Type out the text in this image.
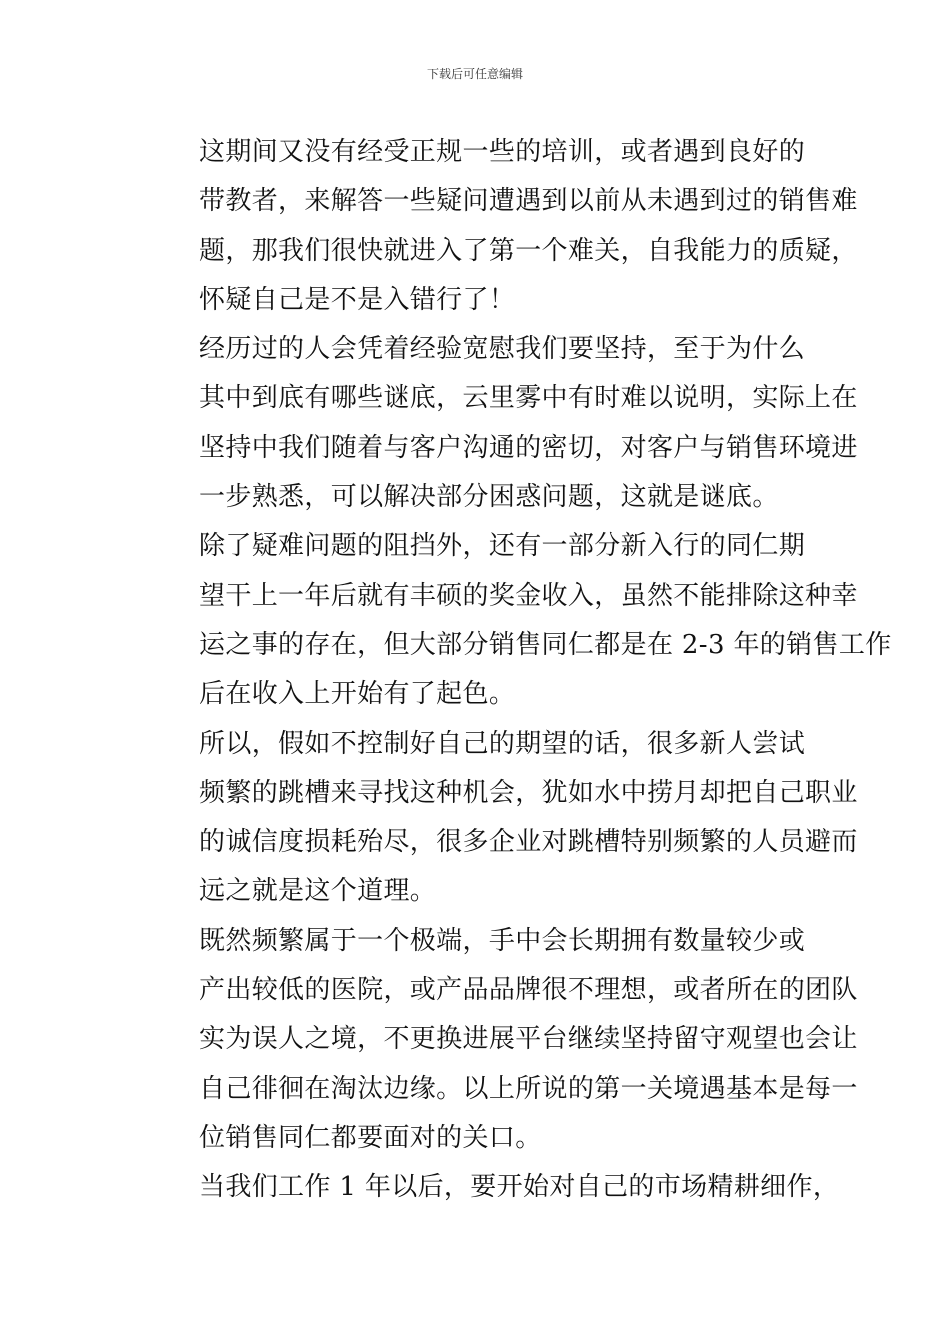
下载后可任意编辑

这期间又没有经受正规一些的培训，或者遇到良好的
带教者，来解答一些疑问遭遇到以前从未遇到过的销售难
题，那我们很快就进入了第一个难关，自我能力的质疑，
怀疑自己是不是入错行了！

经历过的人会凭着经验宽慰我们要坚持，至于为什么
其中到底有哪些谜底，云里雾中有时难以说明，实际上在
坚持中我们随着与客户沟通的密切，对客户与销售环境进
一步熟悉，可以解决部分困惑问题，这就是谜底。

除了疑难问题的阻挡外，还有一部分新入行的同仁期
望干上一年后就有丰硕的奖金收入，虽然不能排除这种幸
运之事的存在，但大部分销售同仁都是在 2-3 年的销售工作
后在收入上开始有了起色。

所以，假如不控制好自己的期望的话，很多新人尝试
频繁的跳槽来寻找这种机会，犹如水中捞月却把自己职业
的诚信度损耗殆尽，很多企业对跳槽特别频繁的人员避而
远之就是这个道理。

既然频繁属于一个极端，手中会长期拥有数量较少或
产出较低的医院，或产品品牌很不理想，或者所在的团队
实为误人之境，不更换进展平台继续坚持留守观望也会让
自己徘徊在淘汰边缘。以上所说的第一关境遇基本是每一
位销售同仁都要面对的关口。

当我们工作 1 年以后，要开始对自己的市场精耕细作，
